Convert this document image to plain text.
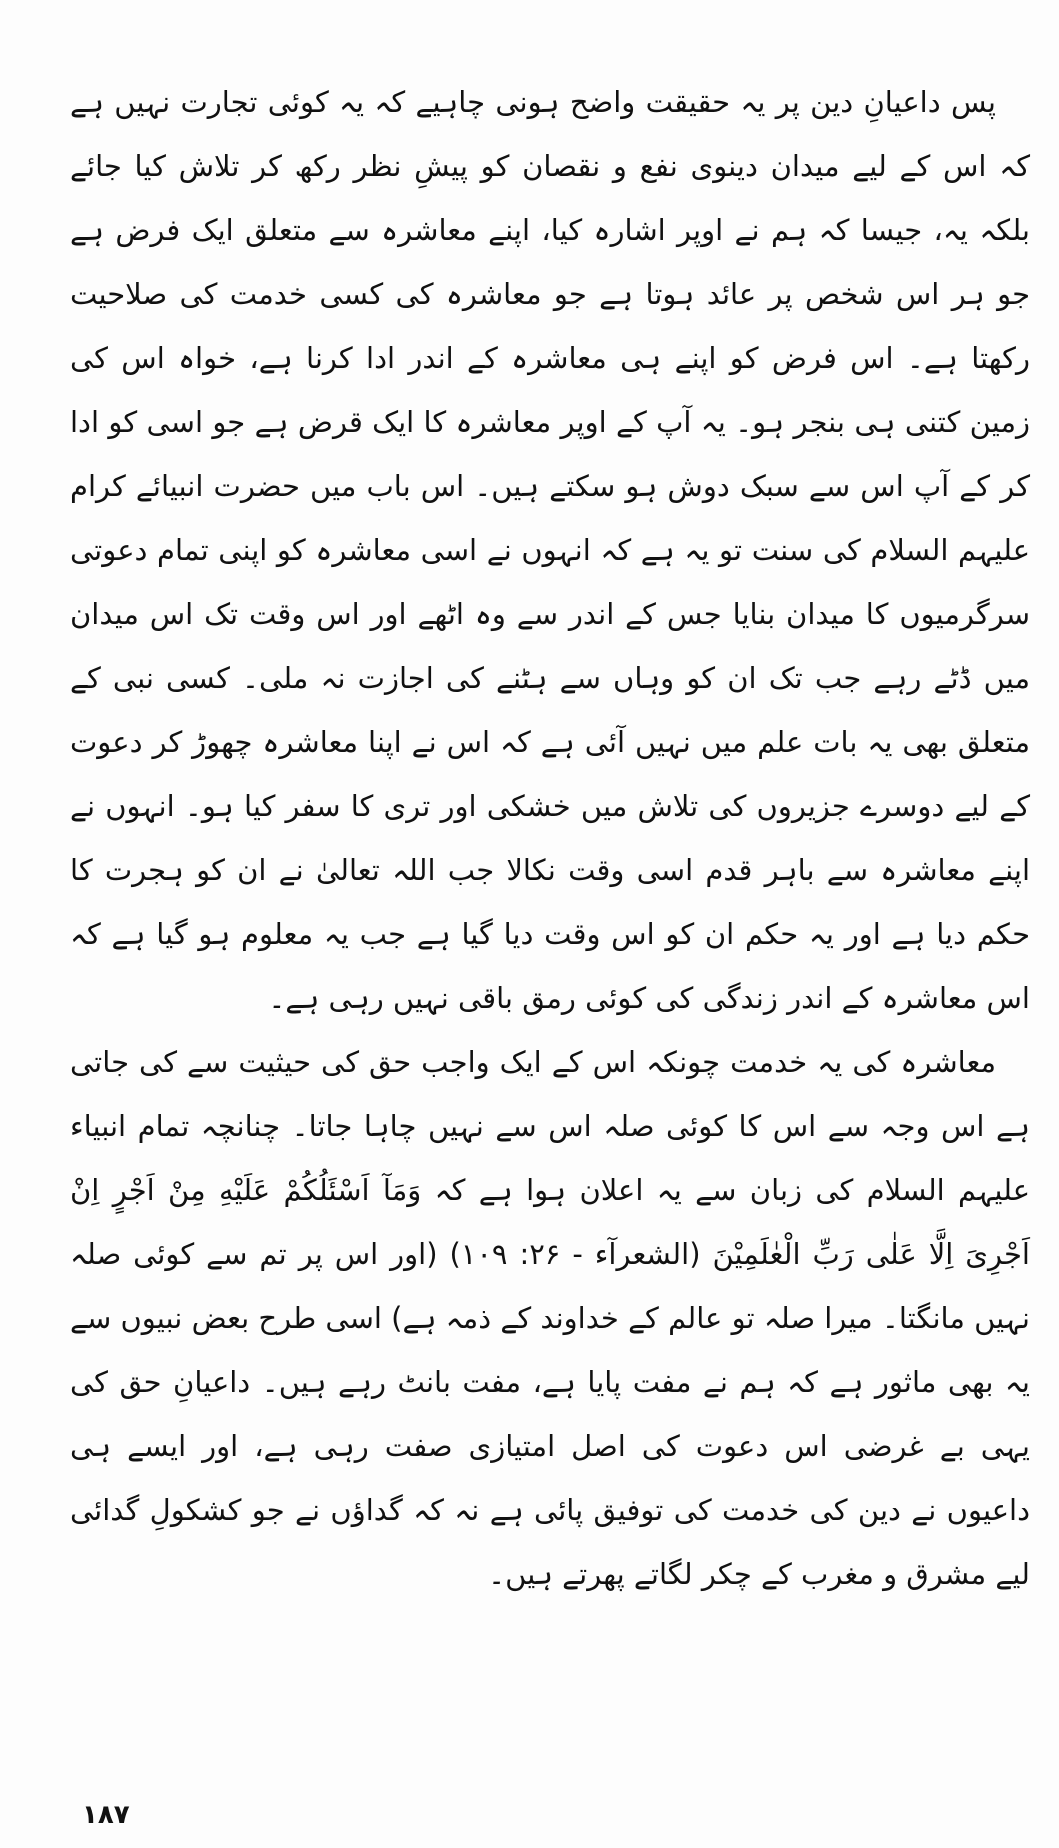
پس داعیانِ دین پر یہ حقیقت واضح ہونی چاہیے کہ یہ کوئی تجارت نہیں ہے کہ اس کے لیے میدان دینوی نفع و نقصان کو پیشِ نظر رکھ کر تلاش کیا جائے بلکہ یہ، جیسا کہ ہم نے اوپر اشارہ کیا، اپنے معاشرہ سے متعلق ایک فرض ہے جو ہر اس شخص پر عائد ہوتا ہے جو معاشرہ کی کسی خدمت کی صلاحیت رکھتا ہے۔ اس فرض کو اپنے ہی معاشرہ کے اندر ادا کرنا ہے، خواہ اس کی زمین کتنی ہی بنجر ہو۔ یہ آپ کے اوپر معاشرہ کا ایک قرض ہے جو اسی کو ادا کر کے آپ اس سے سبک دوش ہو سکتے ہیں۔ اس باب میں حضرت انبیائے کرام علیہم السلام کی سنت تو یہ ہے کہ انہوں نے اسی معاشرہ کو اپنی تمام دعوتی سرگرمیوں کا میدان بنایا جس کے اندر سے وہ اٹھے اور اس وقت تک اس میدان میں ڈٹے رہے جب تک ان کو وہاں سے ہٹنے کی اجازت نہ ملی۔ کسی نبی کے متعلق بھی یہ بات علم میں نہیں آئی ہے کہ اس نے اپنا معاشرہ چھوڑ کر دعوت کے لیے دوسرے جزیروں کی تلاش میں خشکی اور تری کا سفر کیا ہو۔ انہوں نے اپنے معاشرہ سے باہر قدم اسی وقت نکالا جب اللہ تعالیٰ نے ان کو ہجرت کا حکم دیا ہے اور یہ حکم ان کو اس وقت دیا گیا ہے جب یہ معلوم ہو گیا ہے کہ اس معاشرہ کے اندر زندگی کی کوئی رمق باقی نہیں رہی ہے۔

معاشرہ کی یہ خدمت چونکہ اس کے ایک واجب حق کی حیثیت سے کی جاتی ہے اس وجہ سے اس کا کوئی صلہ اس سے نہیں چاہا جاتا۔ چنانچہ تمام انبیاء علیہم السلام کی زبان سے یہ اعلان ہوا ہے کہ وَمَآ اَسْئَلُكُمْ عَلَيْهِ مِنْ اَجْرٍ اِنْ اَجْرِیَ اِلَّا عَلٰی رَبِّ الْعٰلَمِيْنَ (الشعرآء - ۲۶: ۱۰۹) (اور اس پر تم سے کوئی صلہ نہیں مانگتا۔ میرا صلہ تو عالم کے خداوند کے ذمہ ہے) اسی طرح بعض نبیوں سے یہ بھی ماثور ہے کہ ہم نے مفت پایا ہے، مفت بانٹ رہے ہیں۔ داعیانِ حق کی یہی بے غرضی اس دعوت کی اصل امتیازی صفت رہی ہے، اور ایسے ہی داعیوں نے دین کی خدمت کی توفیق پائی ہے نہ کہ گداؤں نے جو کشکولِ گدائی لیے مشرق و مغرب کے چکر لگاتے پھرتے ہیں۔

۱۸۷
